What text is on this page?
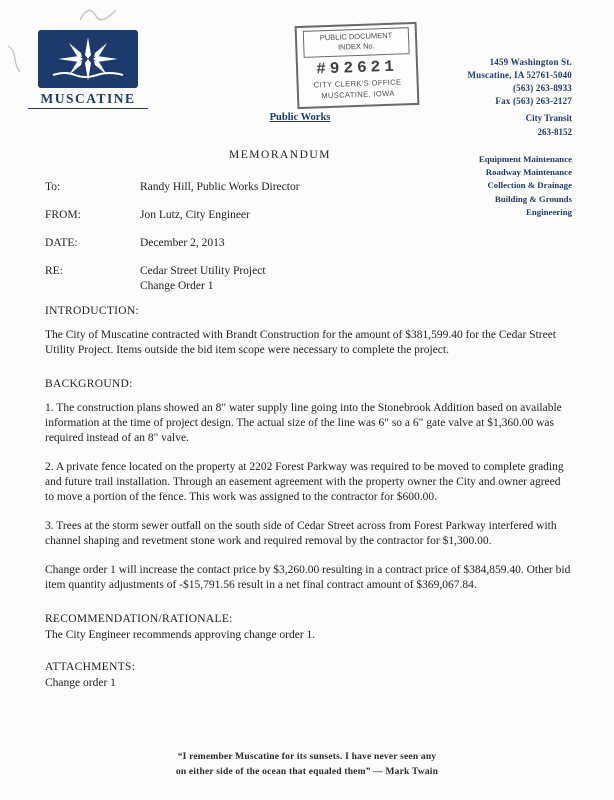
MUSCATINE
PUBLIC DOCUMENT
INDEX No.
#92621
CITY CLERK'S OFFICE
MUSCATINE, IOWA
1459 Washington St.
Muscatine, IA 52761-5040
(563) 263-8933
Fax (563) 263-2127
Public Works	City Transit
263-8152
MEMORANDUM	Equipment Maintenance
Roadway Maintenance
Collection & Drainage
Building & Grounds
Engineering
To:	Randy Hill, Public Works Director
FROM:	Jon Lutz, City Engineer
DATE:	December 2, 2013
RE:	Cedar Street Utility Project
Change Order 1
INTRODUCTION:
The City of Muscatine contracted with Brandt Construction for the amount of $381,599.40 for the Cedar Street Utility Project. Items outside the bid item scope were necessary to complete the project.
BACKGROUND:
1. The construction plans showed an 8" water supply line going into the Stonebrook Addition based on available information at the time of project design. The actual size of the line was 6" so a 6" gate valve at $1,360.00 was required instead of an 8" valve.
2. A private fence located on the property at 2202 Forest Parkway was required to be moved to complete grading and future trail installation. Through an easement agreement with the property owner the City and owner agreed to move a portion of the fence. This work was assigned to the contractor for $600.00.
3. Trees at the storm sewer outfall on the south side of Cedar Street across from Forest Parkway interfered with channel shaping and revetment stone work and required removal by the contractor for $1,300.00.
Change order 1 will increase the contact price by $3,260.00 resulting in a contract price of $384,859.40. Other bid item quantity adjustments of -$15,791.56 result in a net final contract amount of $369,067.84.
RECOMMENDATION/RATIONALE:
The City Engineer recommends approving change order 1.
ATTACHMENTS:
Change order 1
“I remember Muscatine for its sunsets. I have never seen any
on either side of the ocean that equaled them” — Mark Twain
